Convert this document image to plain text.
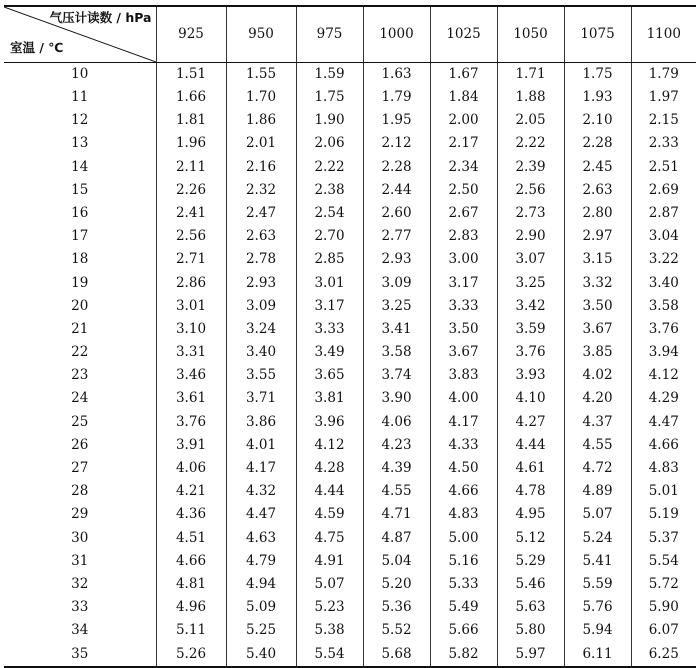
气压计读数 / hPa
室温 / ℃	925	950	975	1000	1025	1050	1075	1100
10	1.51	1.55	1.59	1.63	1.67	1.71	1.75	1.79
11	1.66	1.70	1.75	1.79	1.84	1.88	1.93	1.97
12	1.81	1.86	1.90	1.95	2.00	2.05	2.10	2.15
13	1.96	2.01	2.06	2.12	2.17	2.22	2.28	2.33
14	2.11	2.16	2.22	2.28	2.34	2.39	2.45	2.51
15	2.26	2.32	2.38	2.44	2.50	2.56	2.63	2.69
16	2.41	2.47	2.54	2.60	2.67	2.73	2.80	2.87
17	2.56	2.63	2.70	2.77	2.83	2.90	2.97	3.04
18	2.71	2.78	2.85	2.93	3.00	3.07	3.15	3.22
19	2.86	2.93	3.01	3.09	3.17	3.25	3.32	3.40
20	3.01	3.09	3.17	3.25	3.33	3.42	3.50	3.58
21	3.10	3.24	3.33	3.41	3.50	3.59	3.67	3.76
22	3.31	3.40	3.49	3.58	3.67	3.76	3.85	3.94
23	3.46	3.55	3.65	3.74	3.83	3.93	4.02	4.12
24	3.61	3.71	3.81	3.90	4.00	4.10	4.20	4.29
25	3.76	3.86	3.96	4.06	4.17	4.27	4.37	4.47
26	3.91	4.01	4.12	4.23	4.33	4.44	4.55	4.66
27	4.06	4.17	4.28	4.39	4.50	4.61	4.72	4.83
28	4.21	4.32	4.44	4.55	4.66	4.78	4.89	5.01
29	4.36	4.47	4.59	4.71	4.83	4.95	5.07	5.19
30	4.51	4.63	4.75	4.87	5.00	5.12	5.24	5.37
31	4.66	4.79	4.91	5.04	5.16	5.29	5.41	5.54
32	4.81	4.94	5.07	5.20	5.33	5.46	5.59	5.72
33	4.96	5.09	5.23	5.36	5.49	5.63	5.76	5.90
34	5.11	5.25	5.38	5.52	5.66	5.80	5.94	6.07
35	5.26	5.40	5.54	5.68	5.82	5.97	6.11	6.25
